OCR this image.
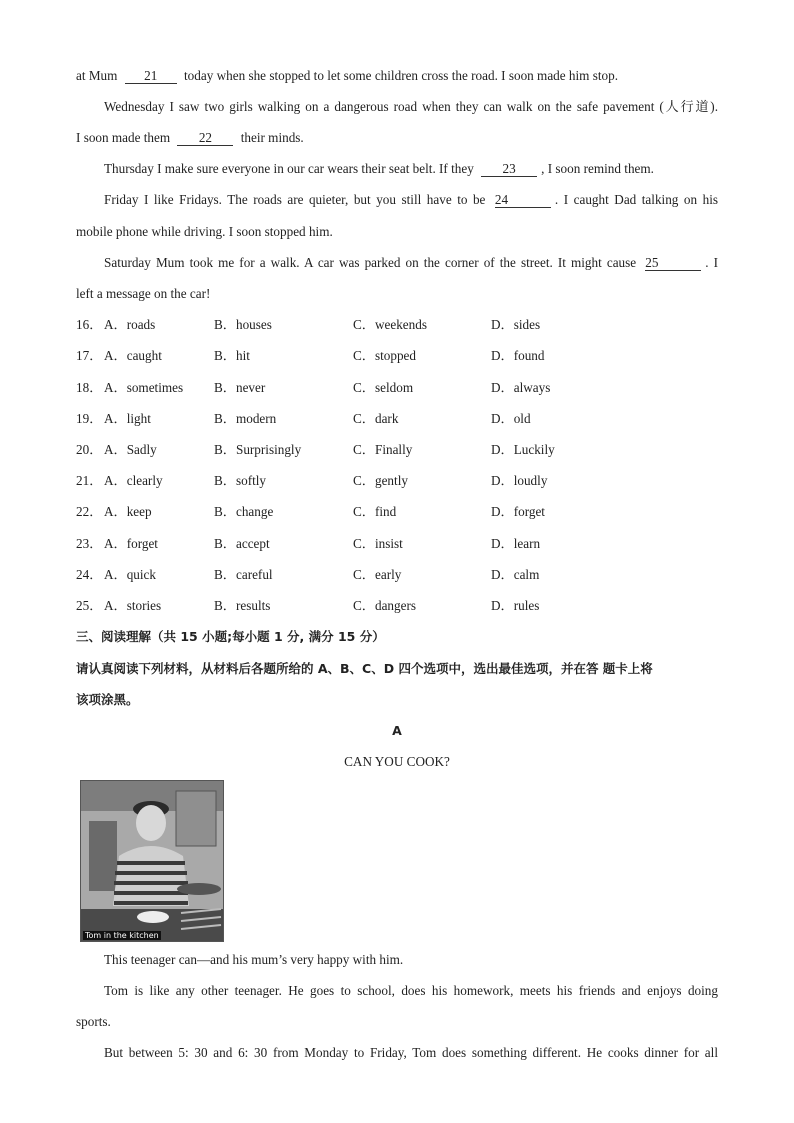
at Mum 21 today when she stopped to let some children cross the road. I soon made him stop.
Wednesday I saw two girls walking on a dangerous road when they can walk on the safe pavement (人行道).
I soon made them 22 their minds.
Thursday I make sure everyone in our car wears their seat belt. If they 23 , I soon remind them.
Friday I like Fridays. The roads are quieter, but you still have to be 24	. I caught Dad talking on his
mobile phone while driving. I soon stopped him.
Saturday Mum took me for a walk. A car was parked on the corner of the street. It might cause 25	. I
left a message on the car!
16． A．roads	B．houses	C．weekends	D．sides
17． A．caught	B．hit	C．stopped	D．found
18． A．sometimes B．never	C．seldom	D．always
19． A．light	B．modern	C．dark	D．old
20． A．Sadly	B．Surprisingly	C．Finally	D．Luckily
21． A．clearly	B．softly	C．gently	D．loudly
22． A．keep	B．change	C．find	D．forget
23． A．forget	B．accept	C．insist	D．learn
24． A．quick	B．careful	C．early	D．calm
25． A．stories	B．results	C．dangers	D．rules
三、阅读理解（共 15 小题;每小题 1 分, 满分 15 分）
请认真阅读下列材料，从材料后各题所给的 A、B、C、D 四个选项中，选出最佳选项，并在答 题卡上将
该项涂黑。
A
CAN YOU COOK?
Tom in the kitchen
This teenager can—and his mum’s very happy with him.
Tom is like any other teenager. He goes to school, does his homework, meets his friends and enjoys doing
sports.
But between 5: 30 and 6: 30 from Monday to Friday, Tom does something different. He cooks dinner for all
